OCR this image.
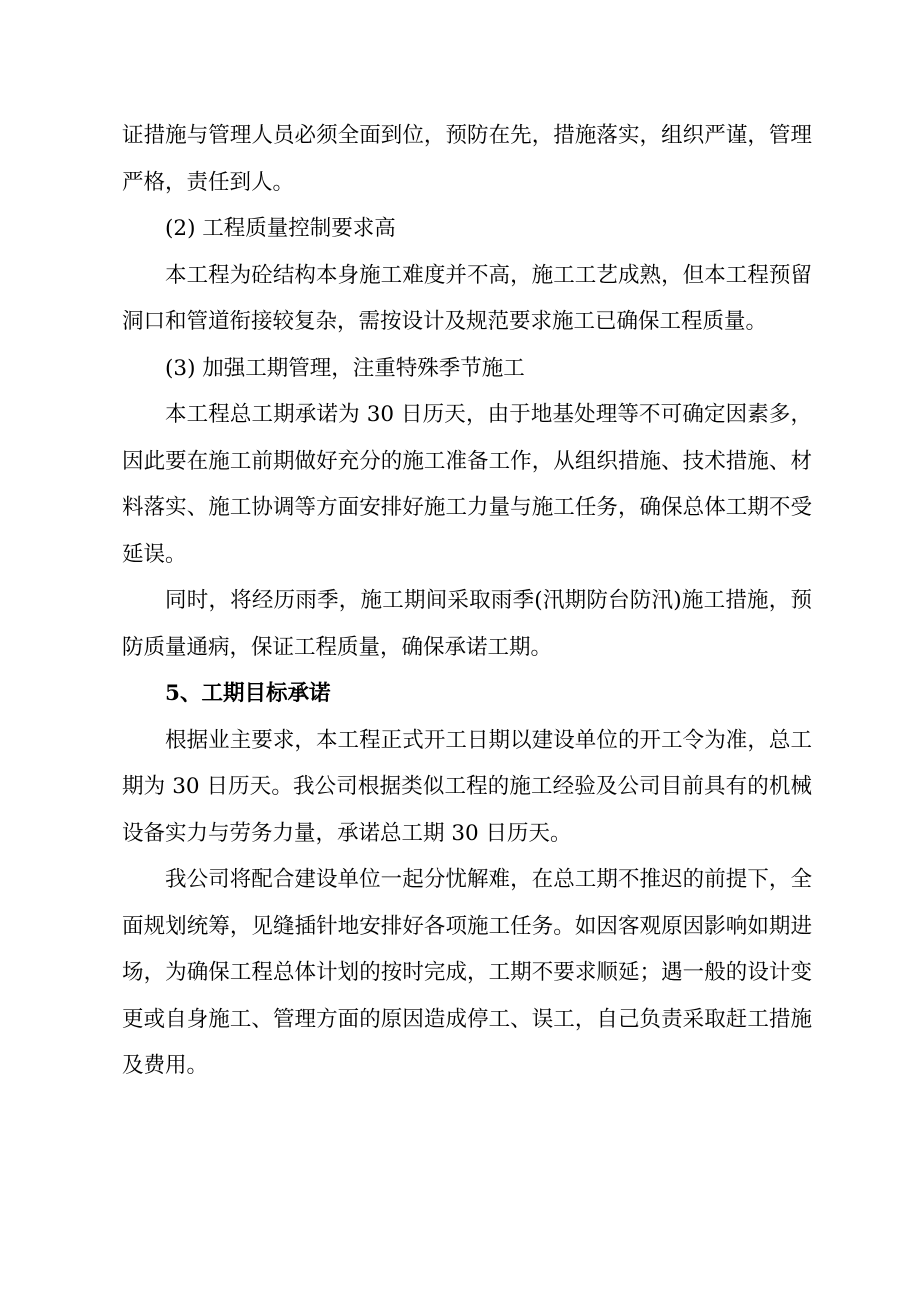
证措施与管理人员必须全面到位，预防在先，措施落实，组织严谨，管理严格，责任到人。

(2) 工程质量控制要求高

本工程为砼结构本身施工难度并不高，施工工艺成熟，但本工程预留洞口和管道衔接较复杂，需按设计及规范要求施工已确保工程质量。

(3) 加强工期管理，注重特殊季节施工

本工程总工期承诺为 30 日历天，由于地基处理等不可确定因素多，因此要在施工前期做好充分的施工准备工作，从组织措施、技术措施、材料落实、施工协调等方面安排好施工力量与施工任务，确保总体工期不受延误。

同时，将经历雨季，施工期间采取雨季(汛期防台防汛)施工措施，预防质量通病，保证工程质量，确保承诺工期。

5、工期目标承诺

根据业主要求，本工程正式开工日期以建设单位的开工令为准，总工期为 30 日历天。我公司根据类似工程的施工经验及公司目前具有的机械设备实力与劳务力量，承诺总工期 30 日历天。

我公司将配合建设单位一起分忧解难，在总工期不推迟的前提下，全面规划统筹，见缝插针地安排好各项施工任务。如因客观原因影响如期进场，为确保工程总体计划的按时完成，工期不要求顺延；遇一般的设计变更或自身施工、管理方面的原因造成停工、误工，自己负责采取赶工措施及费用。
